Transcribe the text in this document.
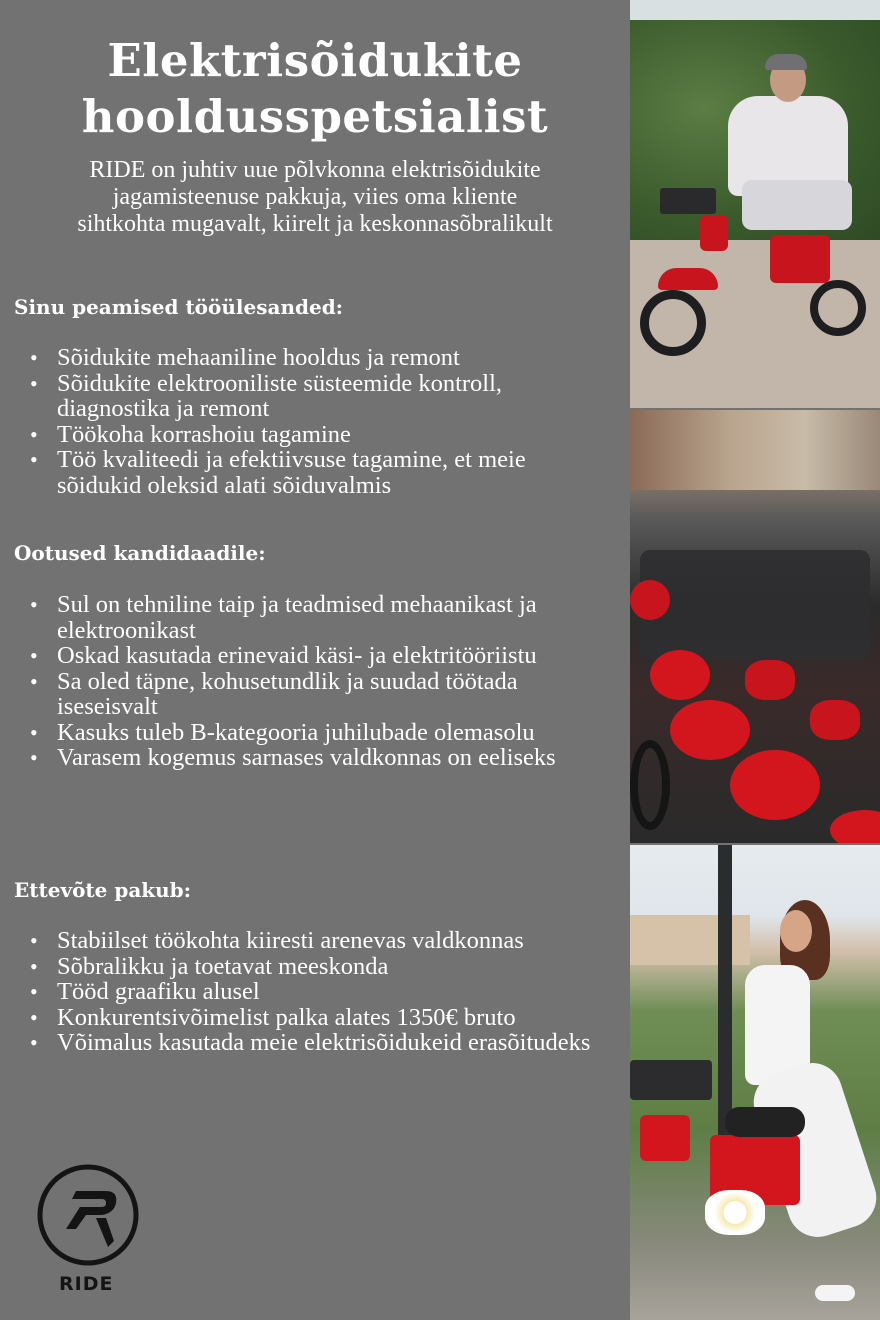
Elektrisõidukite
hooldusspetsialist
RIDE on juhtiv uue põlvkonna elektrisõidukite
jagamisteenuse pakkuja, viies oma kliente
sihtkohta mugavalt, kiirelt ja keskonnasõbralikult
Sinu peamised tööülesanded:
• Sõidukite mehaaniline hooldus ja remont
• Sõidukite elektrooniliste süsteemide kontroll, diagnostika ja remont
• Töökoha korrashoiu tagamine
• Töö kvaliteedi ja efektiivsuse tagamine, et meie sõidukid oleksid alati sõiduvalmis
Ootused kandidaadile:
• Sul on tehniline taip ja teadmised mehaanikast ja elektroonikast
• Oskad kasutada erinevaid käsi- ja elektritööriistu
• Sa oled täpne, kohusetundlik ja suudad töötada iseseisvalt
• Kasuks tuleb B-kategooria juhilubade olemasolu
• Varasem kogemus sarnases valdkonnas on eeliseks
Ettevõte pakub:
• Stabiilset töökohta kiiresti arenevas valdkonnas
• Sõbralikku ja toetavat meeskonda
• Tööd graafiku alusel
• Konkurentsivõimelist palka alates 1350€ bruto
• Võimalus kasutada meie elektrisõidukeid erasõitudeks
RIDE
